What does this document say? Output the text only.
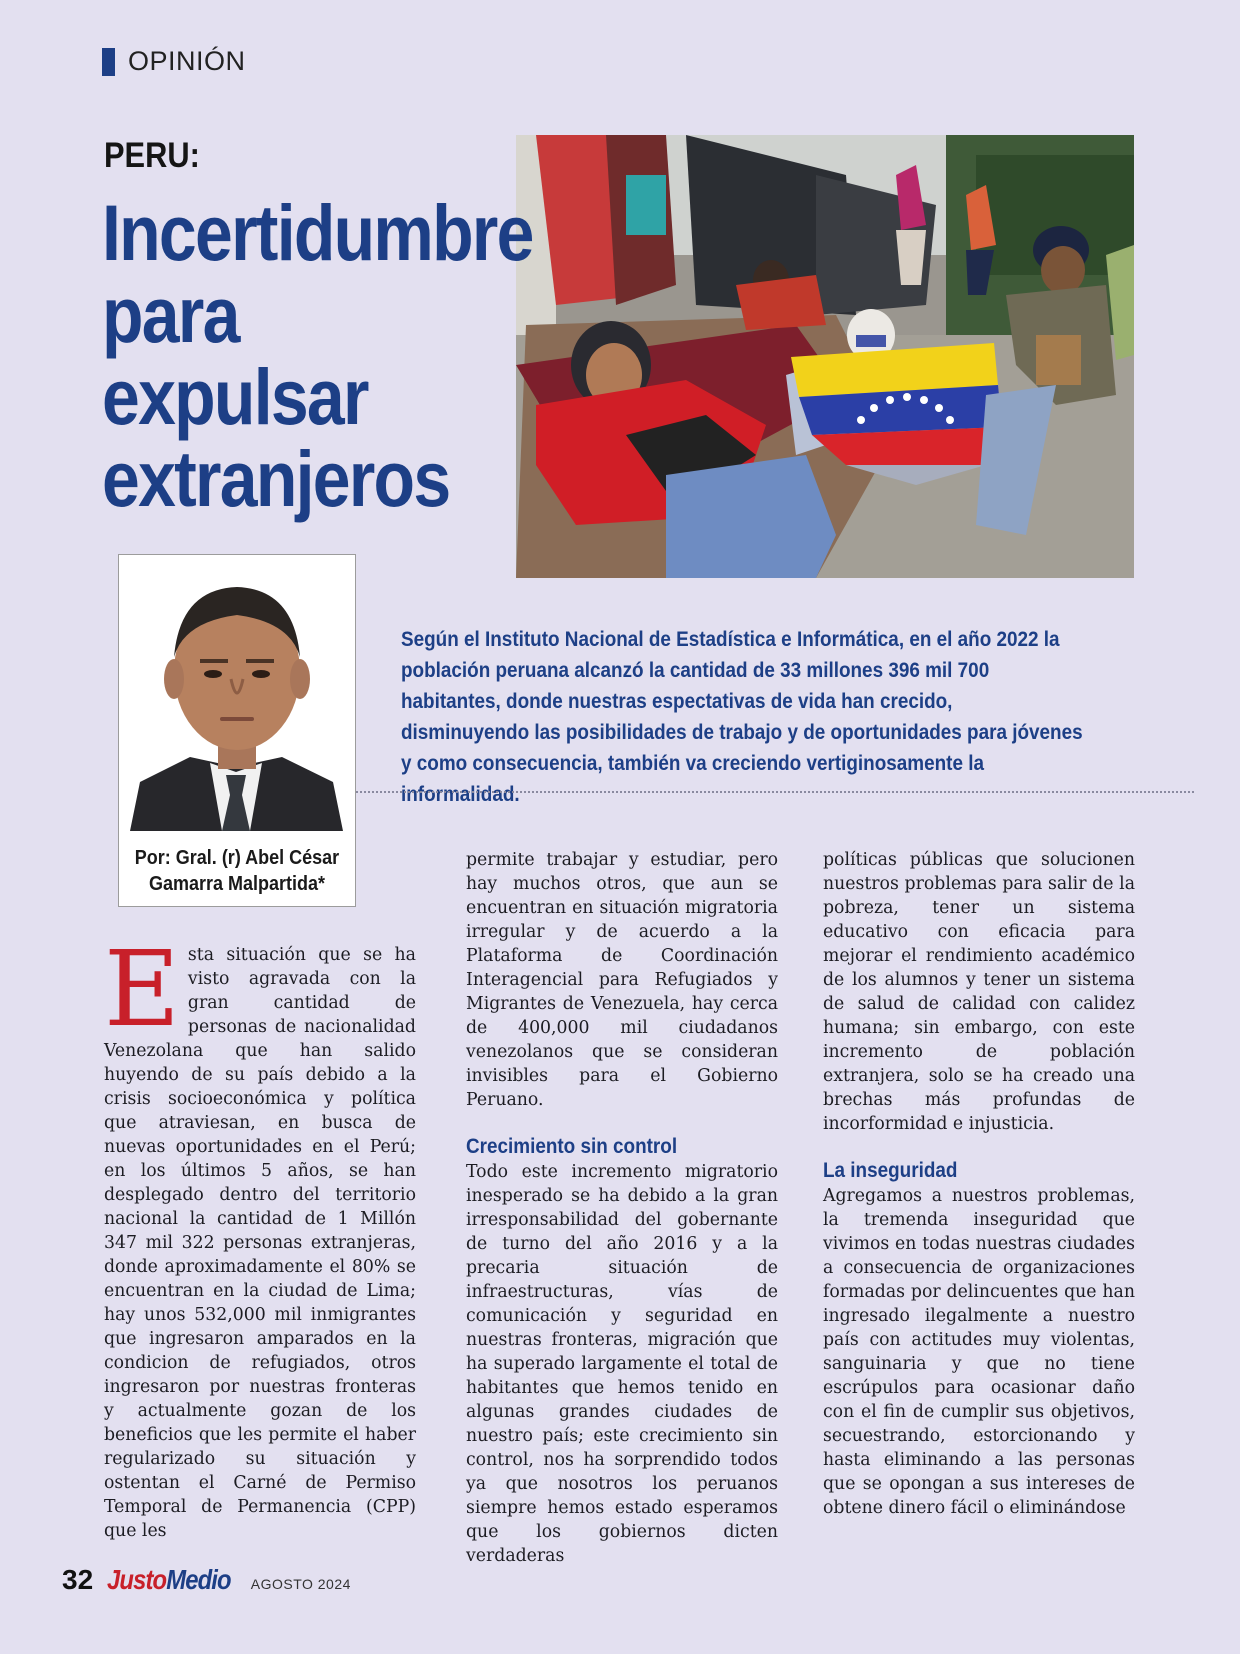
OPINIÓN
PERU:
Incertidumbre
para
expulsar
extranjeros
Por: Gral. (r) Abel César
Gamarra Malpartida*

Según el Instituto Nacional de Estadística e Informática, en el año 2022 la población peruana alcanzó la cantidad de 33 millones 396 mil 700 habitantes, donde nuestras espectativas de vida han crecido, disminuyendo las posibilidades de trabajo y de oportunidades para jóvenes y como consecuencia, también va creciendo vertiginosamente la informalidad.

E sta situación que se ha visto agravada con la gran cantidad de personas de nacionalidad Venezolana que han salido huyendo de su país debido a la crisis socioeconómica y política que atraviesan, en busca de nuevas oportunidades en el Perú; en los últimos 5 años, se han desplegado dentro del territorio nacional la cantidad de 1 Millón 347 mil 322 personas extranjeras, donde aproximadamente el 80% se encuentran en la ciudad de Lima; hay unos 532,000 mil inmigrantes que ingresaron amparados en la condicion de refugiados, otros ingresaron por nuestras fronteras y actualmente gozan de los beneficios que les permite el haber regularizado su situación y ostentan el Carné de Permiso Temporal de Permanencia (CPP) que les

permite trabajar y estudiar, pero hay muchos otros, que aun se encuentran en situación migratoria irregular y de acuerdo a la Plataforma de Coordinación Interagencial para Refugiados y Migrantes de Venezuela, hay cerca de 400,000 mil ciudadanos venezolanos que se consideran invisibles para el Gobierno Peruano.

Crecimiento sin control

Todo este incremento migratorio inesperado se ha debido a la gran irresponsabilidad del gobernante de turno del año 2016 y a la precaria situación de infraestructuras, vías de comunicación y seguridad en nuestras fronteras, migración que ha superado largamente el total de habitantes que hemos tenido en algunas grandes ciudades de nuestro país; este crecimiento sin control, nos ha sorprendido todos ya que nosotros los peruanos siempre hemos estado esperamos que los gobiernos dicten verdaderas

políticas públicas que solucionen nuestros problemas para salir de la pobreza, tener un sistema educativo con eficacia para mejorar el rendimiento académico de los alumnos y tener un sistema de salud de calidad con calidez humana; sin embargo, con este incremento de población extranjera, solo se ha creado una brechas más profundas de incorformidad e injusticia.

La inseguridad

Agregamos a nuestros problemas, la tremenda inseguridad que vivimos en todas nuestras ciudades a consecuencia de organizaciones formadas por delincuentes que han ingresado ilegalmente a nuestro país con actitudes muy violentas, sanguinaria y que no tiene escrúpulos para ocasionar daño con el fin de cumplir sus objetivos, secuestrando, estorcionando y hasta eliminando a las personas que se opongan a sus intereses de obtene dinero fácil o eliminándose

32 JustoMedio AGOSTO 2024
